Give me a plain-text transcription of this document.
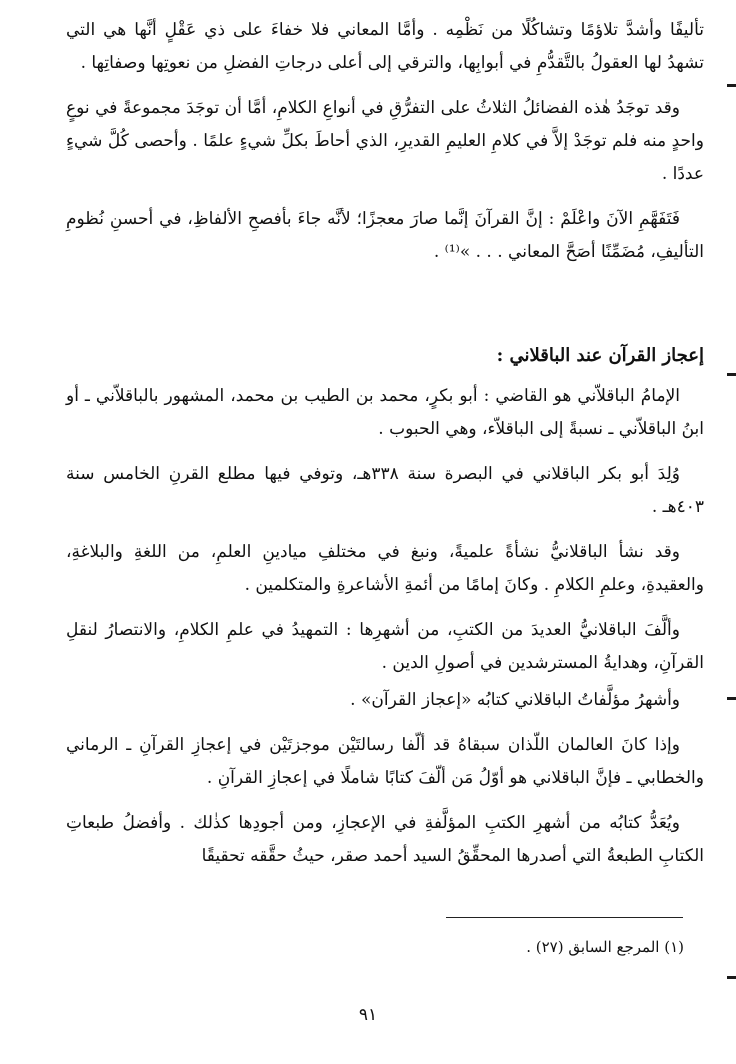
تأليفًا وأشدَّ تلاؤمًا وتشاكُلًا من نَظْمِه . وأمَّا المعاني فلا خفاءَ على ذي عَقْلٍ أنَّها هي التي تشهدُ لها العقولُ بالتَّقدُّمِ في أبوابِها، والترقي إلى أعلى درجاتِ الفضلِ من نعوتِها وصفاتِها .

وقد توجَدُ هٰذه الفضائلُ الثلاثُ على التفرُّقِ في أنواعِ الكلامِ، أمَّا أن توجَدَ مجموعةً في نوعٍ واحدٍ منه فلم توجَدْ إلاَّ في كلامِ العليمِ القديرِ، الذي أحاطَ بكلِّ شيءٍ علمًا . وأحصى كُلَّ شيءٍ عددًا .

فَتَفَهَّمِ الآنَ واعْلَمْ : إنَّ القرآنَ إنَّما صارَ معجزًا؛ لأنَّه جاءَ بأفصحِ الألفاظِ، في أحسنِ نُظومِ التأليفِ، مُضَمِّنًا أصَحَّ المعاني . . . »⁽¹⁾ .

إعجاز القرآن عند الباقلاني :

الإمامُ الباقلاّني هو القاضي : أبو بكرٍ، محمد بن الطيب بن محمد، المشهور بالباقلاّني ـ أو ابنُ الباقلاّني ـ نسبةً إلى الباقلاّء، وهي الحبوب .

وُلِدَ أبو بكر الباقلاني في البصرة سنة ٣٣٨هـ، وتوفي فيها مطلع القرنِ الخامس سنة ٤٠٣هـ .

وقد نشأ الباقلانيُّ نشأةً علميةً، ونبغ في مختلفِ ميادينِ العلمِ، من اللغةِ والبلاغةِ، والعقيدةِ، وعلمِ الكلامِ . وكانَ إمامًا من أئمةِ الأشاعرةِ والمتكلمين .

وألَّفَ الباقلانيُّ العديدَ من الكتبِ، من أشهرِها : التمهيدُ في علمِ الكلامِ، والانتصارُ لنقلِ القرآنِ، وهدايةُ المسترشدين في أصولِ الدين .

وأشهرُ مؤلَّفاتُ الباقلاني كتابُه «إعجاز القرآن» .

وإذا كانَ العالمان اللّذان سبقاهُ قد ألّفا رسالتَيْن موجزتَيْن في إعجازِ القرآنِ ـ الرماني والخطابي ـ فإنَّ الباقلاني هو أوّلُ مَن ألّفَ كتابًا شاملًا في إعجازِ القرآنِ .

ويُعَدُّ كتابُه من أشهرِ الكتبِ المؤلَّفةِ في الإعجازِ، ومن أجودِها كذٰلك . وأفضلُ طبعاتِ الكتابِ الطبعةُ التي أصدرها المحقِّقُ السيد أحمد صقر، حيثُ حقَّقه تحقيقًا

(١) المرجع السابق (٢٧) .
٩١
